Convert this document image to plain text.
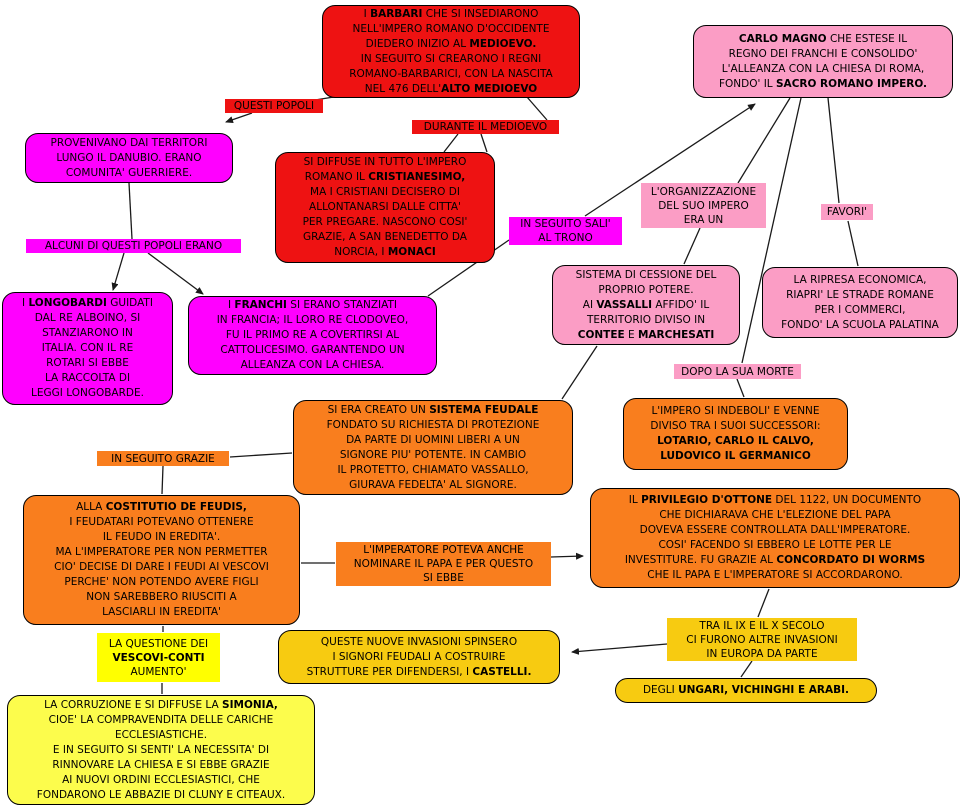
I BARBARI CHE SI INSEDIARONO
NELL'IMPERO ROMANO D'OCCIDENTE
DIEDERO INIZIO AL MEDIOEVO.
IN SEGUITO SI CREARONO I REGNI
ROMANO-BARBARICI, CON LA NASCITA
NEL 476 DELL'ALTO MEDIOEVO
QUESTI POPOLI
DURANTE IL MEDIOEVO
PROVENIVANO DAI TERRITORI
LUNGO IL DANUBIO. ERANO
COMUNITA' GUERRIERE.
ALCUNI DI QUESTI POPOLI ERANO
SI DIFFUSE IN TUTTO L'IMPERO
ROMANO IL CRISTIANESIMO,
MA I CRISTIANI DECISERO DI
ALLONTANARSI DALLE CITTA'
PER PREGARE. NASCONO COSI'
GRAZIE, A SAN BENEDETTO DA
NORCIA, I MONACI
CARLO MAGNO CHE ESTESE IL
REGNO DEI FRANCHI E CONSOLIDO'
L'ALLEANZA CON LA CHIESA DI ROMA,
FONDO' IL SACRO ROMANO IMPERO.
IN SEGUITO SALI'
AL TRONO
L'ORGANIZZAZIONE
DEL SUO IMPERO
ERA UN
FAVORI'
SISTEMA DI CESSIONE DEL
PROPRIO POTERE.
AI VASSALLI AFFIDO' IL
TERRITORIO DIVISO IN
CONTEE E MARCHESATI
LA RIPRESA ECONOMICA,
RIAPRI' LE STRADE ROMANE
PER I COMMERCI,
FONDO' LA SCUOLA PALATINA
I LONGOBARDI GUIDATI
DAL RE ALBOINO, SI
STANZIARONO IN
ITALIA. CON IL RE
ROTARI SI EBBE
LA RACCOLTA DI
LEGGI LONGOBARDE.
I FRANCHI SI ERANO STANZIATI
IN FRANCIA; IL LORO RE CLODOVEO,
FU IL PRIMO RE A COVERTIRSI AL
CATTOLICESIMO. GARANTENDO UN
ALLEANZA CON LA CHIESA.
DOPO LA SUA MORTE
L'IMPERO SI INDEBOLI' E VENNE
DIVISO TRA I SUOI SUCCESSORI:
LOTARIO, CARLO IL CALVO,
LUDOVICO IL GERMANICO
SI ERA CREATO UN SISTEMA FEUDALE
FONDATO SU RICHIESTA DI PROTEZIONE
DA PARTE DI UOMINI LIBERI A UN
SIGNORE PIU' POTENTE. IN CAMBIO
IL PROTETTO, CHIAMATO VASSALLO,
GIURAVA FEDELTA' AL SIGNORE.
IN SEGUITO GRAZIE
ALLA COSTITUTIO DE FEUDIS,
I FEUDATARI POTEVANO OTTENERE
IL FEUDO IN EREDITA'.
MA L'IMPERATORE PER NON PERMETTER
CIO' DECISE DI DARE I FEUDI AI VESCOVI
PERCHE' NON POTENDO AVERE FIGLI
NON SAREBBERO RIUSCITI A
LASCIARLI IN EREDITA'
L'IMPERATORE POTEVA ANCHE
NOMINARE IL PAPA E PER QUESTO
SI EBBE
IL PRIVILEGIO D'OTTONE DEL 1122, UN DOCUMENTO
CHE DICHIARAVA CHE L'ELEZIONE DEL PAPA
DOVEVA ESSERE CONTROLLATA DALL'IMPERATORE.
COSI' FACENDO SI EBBERO LE LOTTE PER LE
INVESTITURE. FU GRAZIE AL CONCORDATO DI WORMS
CHE IL PAPA E L'IMPERATORE SI ACCORDARONO.
TRA IL IX E IL X SECOLO
CI FURONO ALTRE INVASIONI
IN EUROPA DA PARTE
DEGLI UNGARI, VICHINGHI E ARABI.
QUESTE NUOVE INVASIONI SPINSERO
I SIGNORI FEUDALI A COSTRUIRE
STRUTTURE PER DIFENDERSI, I CASTELLI.
LA QUESTIONE DEI
VESCOVI-CONTI
AUMENTO'
LA CORRUZIONE E SI DIFFUSE LA SIMONIA,
CIOE' LA COMPRAVENDITA DELLE CARICHE
ECCLESIASTICHE.
E IN SEGUITO SI SENTI' LA NECESSITA' DI
RINNOVARE LA CHIESA E SI EBBE GRAZIE
AI NUOVI ORDINI ECCLESIASTICI, CHE
FONDARONO LE ABBAZIE DI CLUNY E CITEAUX.
